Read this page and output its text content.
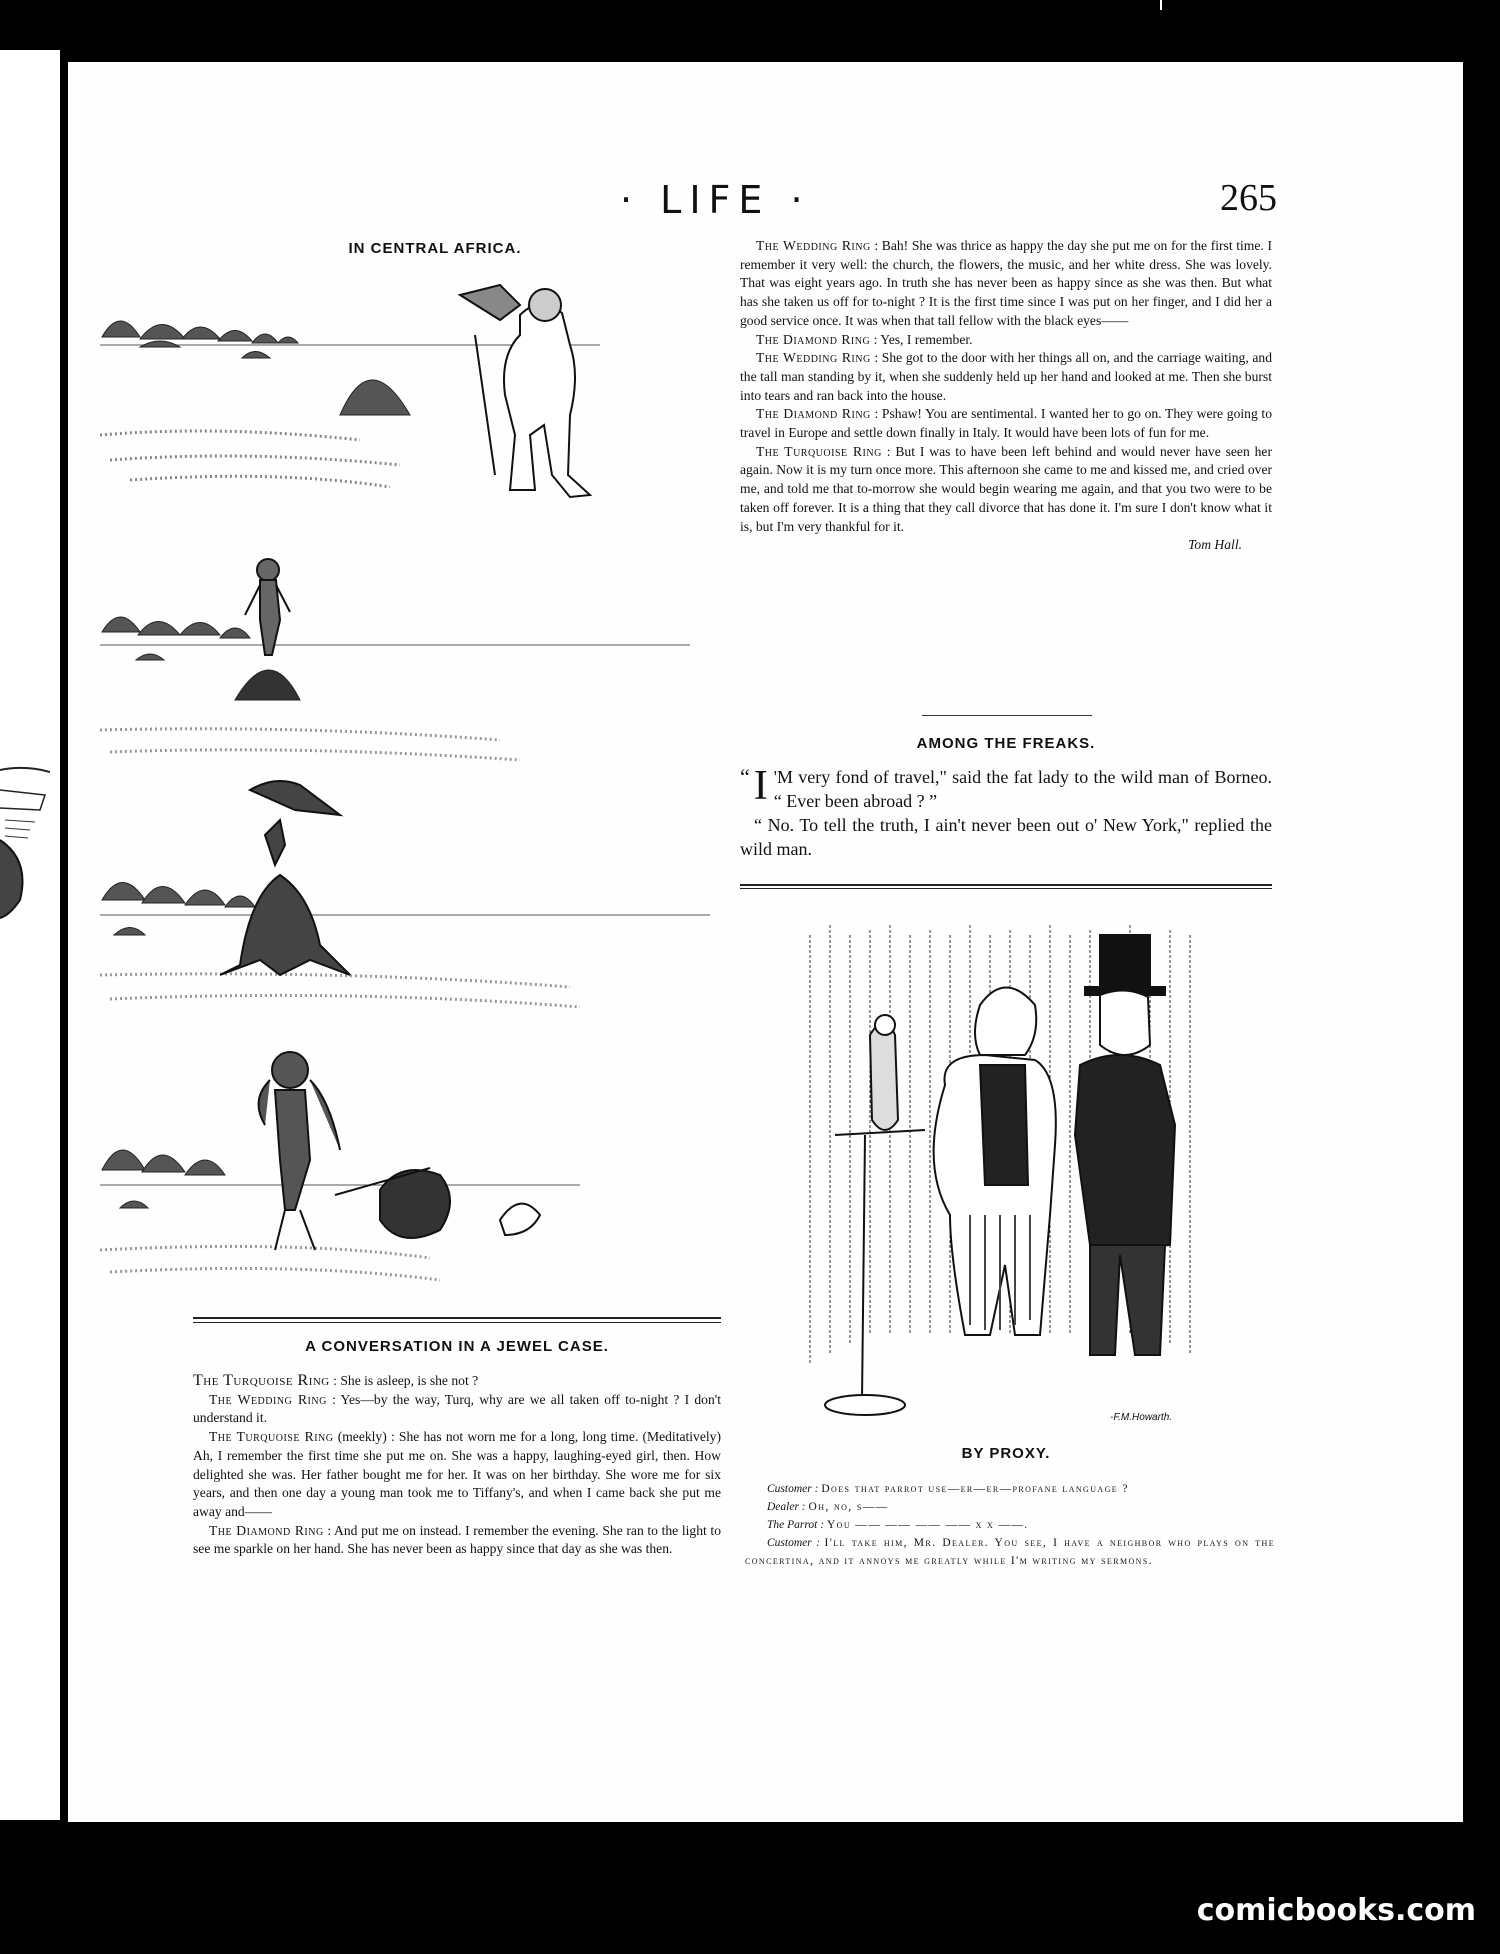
· LIFE ·	265
IN CENTRAL AFRICA.
A CONVERSATION IN A JEWEL CASE.

The Turquoise Ring : She is asleep, is she not ?

The Wedding Ring : Yes—by the way, Turq, why are we all taken off to-night ? I don't understand it.

The Turquoise Ring (meekly) : She has not worn me for a long, long time. (Meditatively) Ah, I remember the first time she put me on. She was a happy, laughing-eyed girl, then. How delighted she was. Her father bought me for her. It was on her birthday. She wore me for six years, and then one day a young man took me to Tiffany's, and when I came back she put me away and——

The Diamond Ring : And put me on instead. I remember the evening. She ran to the light to see me sparkle on her hand. She has never been as happy since that day as she was then.

The Wedding Ring : Bah! She was thrice as happy the day she put me on for the first time. I remember it very well: the church, the flowers, the music, and her white dress. She was lovely. That was eight years ago. In truth she has never been as happy since as she was then. But what has she taken us off for to-night ? It is the first time since I was put on her finger, and I did her a good service once. It was when that tall fellow with the black eyes——

The Diamond Ring : Yes, I remember.

The Wedding Ring : She got to the door with her things all on, and the carriage waiting, and the tall man standing by it, when she suddenly held up her hand and looked at me. Then she burst into tears and ran back into the house.

The Diamond Ring : Pshaw! You are sentimental. I wanted her to go on. They were going to travel in Europe and settle down finally in Italy. It would have been lots of fun for me.

The Turquoise Ring : But I was to have been left behind and would never have seen her again. Now it is my turn once more. This afternoon she came to me and kissed me, and cried over me, and told me that to-morrow she would begin wearing me again, and that you two were to be taken off forever. It is a thing that they call divorce that has done it. I'm sure I don't know what it is, but I'm very thankful for it.

Tom Hall.

AMONG THE FREAKS.

“ I 'M very fond of travel," said the fat lady to the wild man of Borneo. “ Ever been abroad ? ”

“ No. To tell the truth, I ain't never been out o' New York," replied the wild man.

-F.M.Howarth.
BY PROXY.

Customer : Does that parrot use—er—er—profane language ?

Dealer : Oh, no, s——

The Parrot : You —— —— —— —— x x ——.

Customer : I'll take him, Mr. Dealer. You see, I have a neighbor who plays on the concertina, and it annoys me greatly while I'm writing my sermons.

comicbooks.com
